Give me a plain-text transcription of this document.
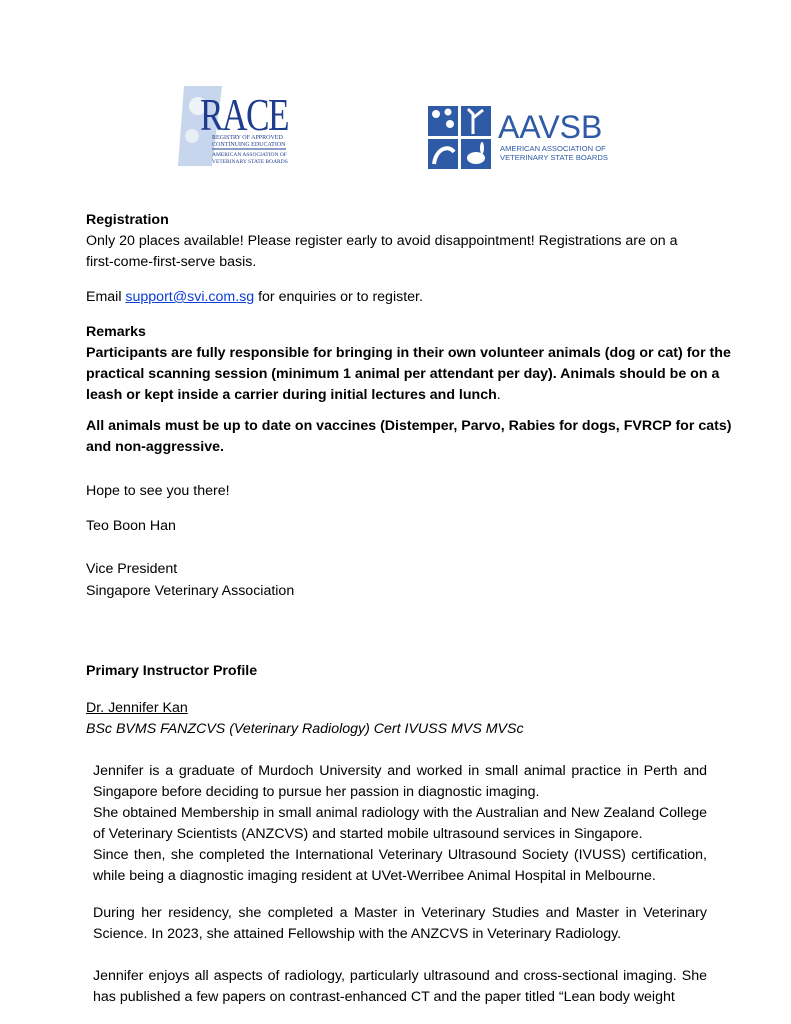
RACE
REGISTRY OF APPROVED
CONTINUING EDUCATION
AMERICAN ASSOCIATION OF
VETERINARY STATE BOARDS
AAVSB
AMERICAN ASSOCIATION OF
VETERINARY STATE BOARDS
Registration
Only 20 places available! Please register early to avoid disappointment! Registrations are on a
first-come-first-serve basis.
Email support@svi.com.sg for enquiries or to register.
Remarks
Participants are fully responsible for bringing in their own volunteer animals (dog or cat) for the
practical scanning session (minimum 1 animal per attendant per day). Animals should be on a
leash or kept inside a carrier during initial lectures and lunch.
All animals must be up to date on vaccines (Distemper, Parvo, Rabies for dogs, FVRCP for cats)
and non-aggressive.
Hope to see you there!
Teo Boon Han
Vice President
Singapore Veterinary Association
Primary Instructor Profile
Dr. Jennifer Kan
BSc BVMS FANZCVS (Veterinary Radiology) Cert IVUSS MVS MVSc

Jennifer is a graduate of Murdoch University and worked in small animal practice in Perth and Singapore before deciding to pursue her passion in diagnostic imaging.

She obtained Membership in small animal radiology with the Australian and New Zealand College of Veterinary Scientists (ANZCVS) and started mobile ultrasound services in Singapore.

Since then, she completed the International Veterinary Ultrasound Society (IVUSS) certification, while being a diagnostic imaging resident at UVet-Werribee Animal Hospital in Melbourne.

During her residency, she completed a Master in Veterinary Studies and Master in Veterinary Science. In 2023, she attained Fellowship with the ANZCVS in Veterinary Radiology.

Jennifer enjoys all aspects of radiology, particularly ultrasound and cross-sectional imaging. She has published a few papers on contrast-enhanced CT and the paper titled “Lean body weight
